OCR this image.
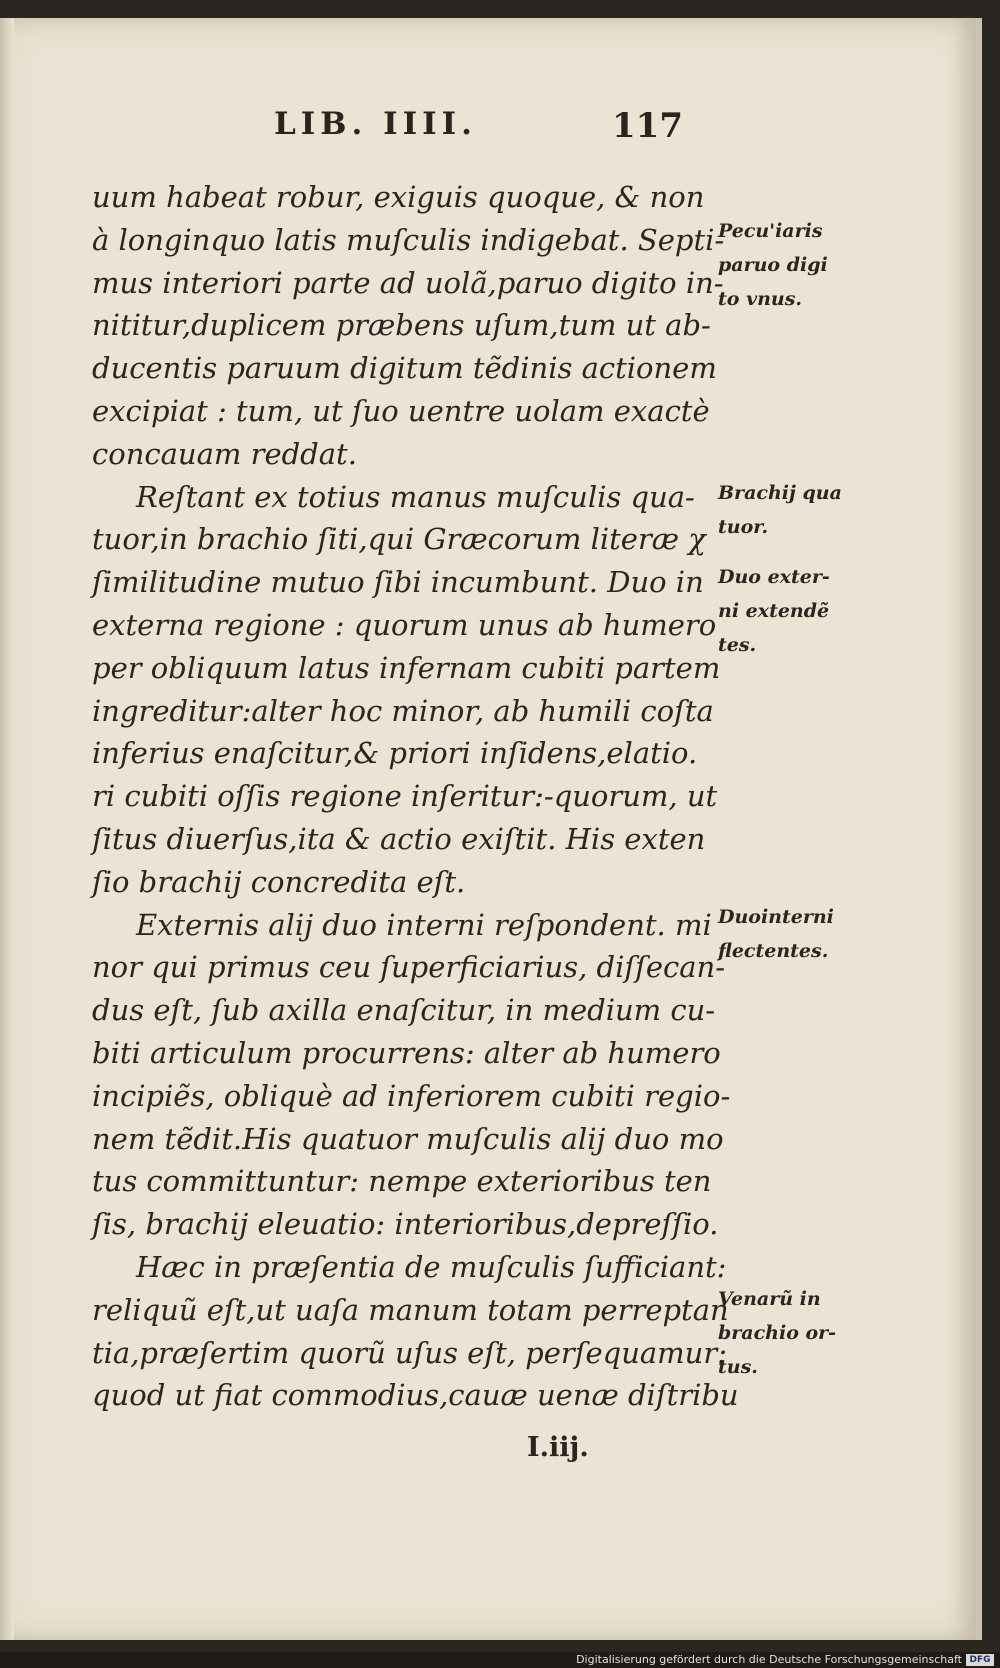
LIB. IIII.	117
uum habeat robur, exiguis quoque, & non
à longinquo latis muſculis indigebat. Septi-
mus interiori parte ad uolã,paruo digito in-
nititur,duplicem præbens uſum,tum ut ab-
ducentis paruum digitum tẽdinis actionem
excipiat : tum, ut ſuo uentre uolam exactè
concauam reddat.
Reſtant ex totius manus muſculis qua-
tuor,in brachio ſiti,qui Græcorum literæ χ
ſimilitudine mutuo ſibi incumbunt. Duo in
externa regione : quorum unus ab humero
per obliquum latus infernam cubiti partem
ingreditur:alter hoc minor, ab humili coſta
inferius enaſcitur,& priori inſidens,elatio.
ri cubiti oſſis regione inſeritur:-quorum, ut
ſitus diuerſus,ita & actio exiſtit. His exten
ſio brachij concredita eſt.
Externis alij duo interni reſpondent. mi
nor qui primus ceu ſuperficiarius, diſſecan-
dus eſt, ſub axilla enaſcitur, in medium cu-
biti articulum procurrens: alter ab humero
incipiẽs, obliquè ad inferiorem cubiti regio-
nem tẽdit.His quatuor muſculis alij duo mo
tus committuntur: nempe exterioribus ten
ſis, brachij eleuatio: interioribus,depreſſio.
Hæc in præſentia de muſculis ſufficiant:
reliquũ eſt,ut uaſa manum totam perreptan
tia,præſertim quorũ uſus eſt, perſequamur:
quod ut fiat commodius,cauæ uenæ diſtribu
Pecu'iaris
paruo digi
to vnus.
Brachij qua
tuor.
Duo exter-
ni extendẽ
tes.
Duointerni
flectentes.
Venarũ in
brachio or-
tus.
I.iij.
Digitalisierung gefördert durch die Deutsche Forschungsgemeinschaft DFG
